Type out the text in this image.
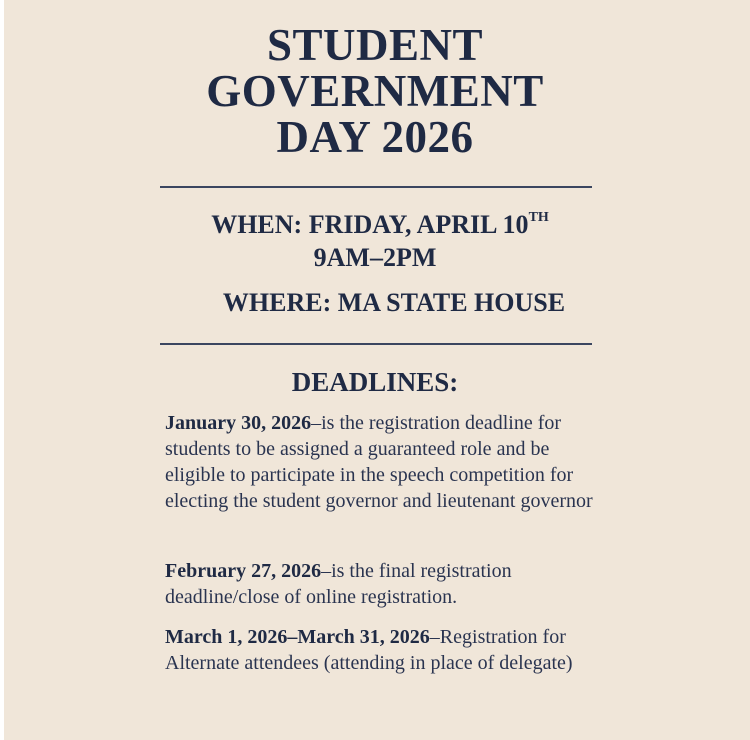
STUDENT
GOVERNMENT
DAY 2026
WHEN: FRIDAY, APRIL 10TH
9AM–2PM
WHERE: MA STATE HOUSE
DEADLINES:
January 30, 2026–is the registration deadline for students to be assigned a guaranteed role and be eligible to participate in the speech competition for electing the student governor and lieutenant governor
February 27, 2026–is the final registration deadline/close of online registration.
March 1, 2026–March 31, 2026–Registration for Alternate attendees (attending in place of delegate)
